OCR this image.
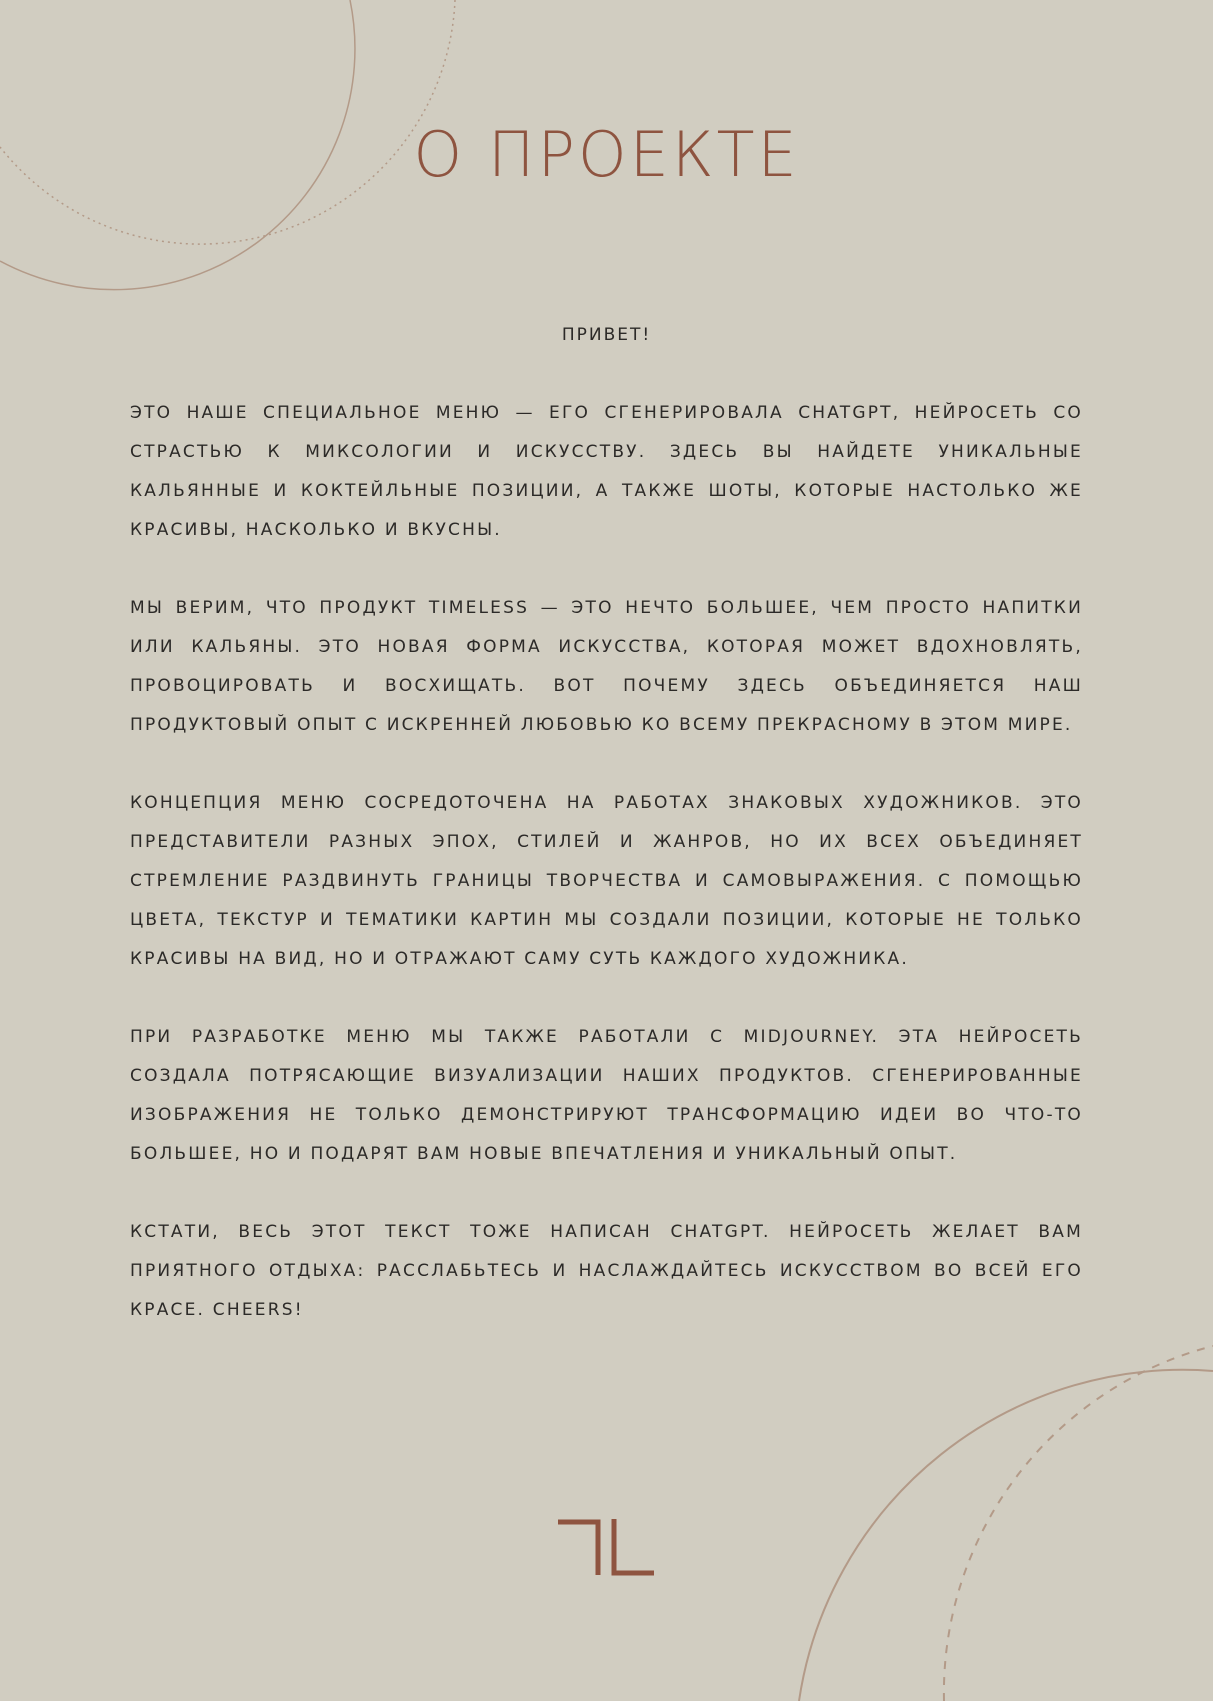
О ПРОЕКТЕ
ПРИВЕТ!

ЭТО НАШЕ СПЕЦИАЛЬНОЕ МЕНЮ — ЕГО СГЕНЕРИРОВАЛА CHATGPT, НЕЙРОСЕТЬ СО СТРАСТЬЮ К МИКСОЛОГИИ И ИСКУССТВУ. ЗДЕСЬ ВЫ НАЙДЕТЕ УНИКАЛЬНЫЕ КАЛЬЯННЫЕ И КОКТЕЙЛЬНЫЕ ПОЗИЦИИ, А ТАКЖЕ ШОТЫ, КОТОРЫЕ НАСТОЛЬКО ЖЕ КРАСИВЫ, НАСКОЛЬКО И ВКУСНЫ.

МЫ ВЕРИМ, ЧТО ПРОДУКТ TIMELESS — ЭТО НЕЧТО БОЛЬШЕЕ, ЧЕМ ПРОСТО НАПИТКИ ИЛИ КАЛЬЯНЫ. ЭТО НОВАЯ ФОРМА ИСКУССТВА, КОТОРАЯ МОЖЕТ ВДОХНОВЛЯТЬ, ПРОВОЦИРОВАТЬ И ВОСХИЩАТЬ. ВОТ ПОЧЕМУ ЗДЕСЬ ОБЪЕДИНЯЕТСЯ НАШ ПРОДУКТОВЫЙ ОПЫТ С ИСКРЕННЕЙ ЛЮБОВЬЮ КО ВСЕМУ ПРЕКРАСНОМУ В ЭТОМ МИРЕ.

КОНЦЕПЦИЯ МЕНЮ СОСРЕДОТОЧЕНА НА РАБОТАХ ЗНАКОВЫХ ХУДОЖНИКОВ. ЭТО ПРЕДСТАВИТЕЛИ РАЗНЫХ ЭПОХ, СТИЛЕЙ И ЖАНРОВ, НО ИХ ВСЕХ ОБЪЕДИНЯЕТ СТРЕМЛЕНИЕ РАЗДВИНУТЬ ГРАНИЦЫ ТВОРЧЕСТВА И САМОВЫРАЖЕНИЯ. С ПОМОЩЬЮ ЦВЕТА, ТЕКСТУР И ТЕМАТИКИ КАРТИН МЫ СОЗДАЛИ ПОЗИЦИИ, КОТОРЫЕ НЕ ТОЛЬКО КРАСИВЫ НА ВИД, НО И ОТРАЖАЮТ САМУ СУТЬ КАЖДОГО ХУДОЖНИКА.

ПРИ РАЗРАБОТКЕ МЕНЮ МЫ ТАКЖЕ РАБОТАЛИ С MIDJOURNEY. ЭТА НЕЙРОСЕТЬ СОЗДАЛА ПОТРЯСАЮЩИЕ ВИЗУАЛИЗАЦИИ НАШИХ ПРОДУКТОВ. СГЕНЕРИРОВАННЫЕ ИЗОБРАЖЕНИЯ НЕ ТОЛЬКО ДЕМОНСТРИРУЮТ ТРАНСФОРМАЦИЮ ИДЕИ ВО ЧТО-ТО БОЛЬШЕЕ, НО И ПОДАРЯТ ВАМ НОВЫЕ ВПЕЧАТЛЕНИЯ И УНИКАЛЬНЫЙ ОПЫТ.

КСТАТИ, ВЕСЬ ЭТОТ ТЕКСТ ТОЖЕ НАПИСАН CHATGPT. НЕЙРОСЕТЬ ЖЕЛАЕТ ВАМ ПРИЯТНОГО ОТДЫХА: РАССЛАБЬТЕСЬ И НАСЛАЖДАЙТЕСЬ ИСКУССТВОМ ВО ВСЕЙ ЕГО КРАСЕ. CHEERS!
